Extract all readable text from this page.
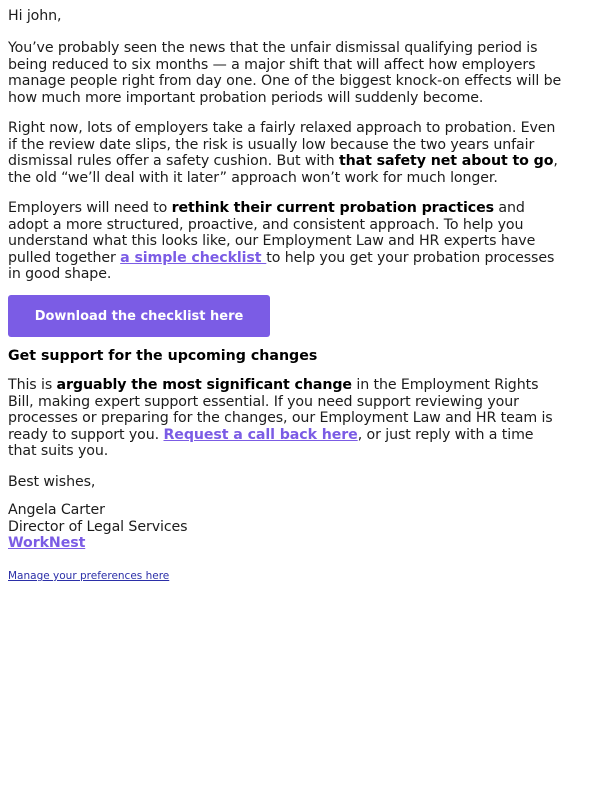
Hi john,

You’ve probably seen the news that the unfair dismissal qualifying period is
being reduced to six months — a major shift that will affect how employers
manage people right from day one. One of the biggest knock-on effects will be
how much more important probation periods will suddenly become.

Right now, lots of employers take a fairly relaxed approach to probation. Even
if the review date slips, the risk is usually low because the two years unfair
dismissal rules offer a safety cushion. But with that safety net about to go,
the old “we’ll deal with it later” approach won’t work for much longer.

Employers will need to rethink their current probation practices and
adopt a more structured, proactive, and consistent approach. To help you
understand what this looks like, our Employment Law and HR experts have
pulled together a simple checklist to help you get your probation processes
in good shape.

Download the checklist here

Get support for the upcoming changes

This is arguably the most significant change in the Employment Rights
Bill, making expert support essential. If you need support reviewing your
processes or preparing for the changes, our Employment Law and HR team is
ready to support you. Request a call back here, or just reply with a time
that suits you.

Best wishes,

Angela Carter
Director of Legal Services
WorkNest

Manage your preferences here
